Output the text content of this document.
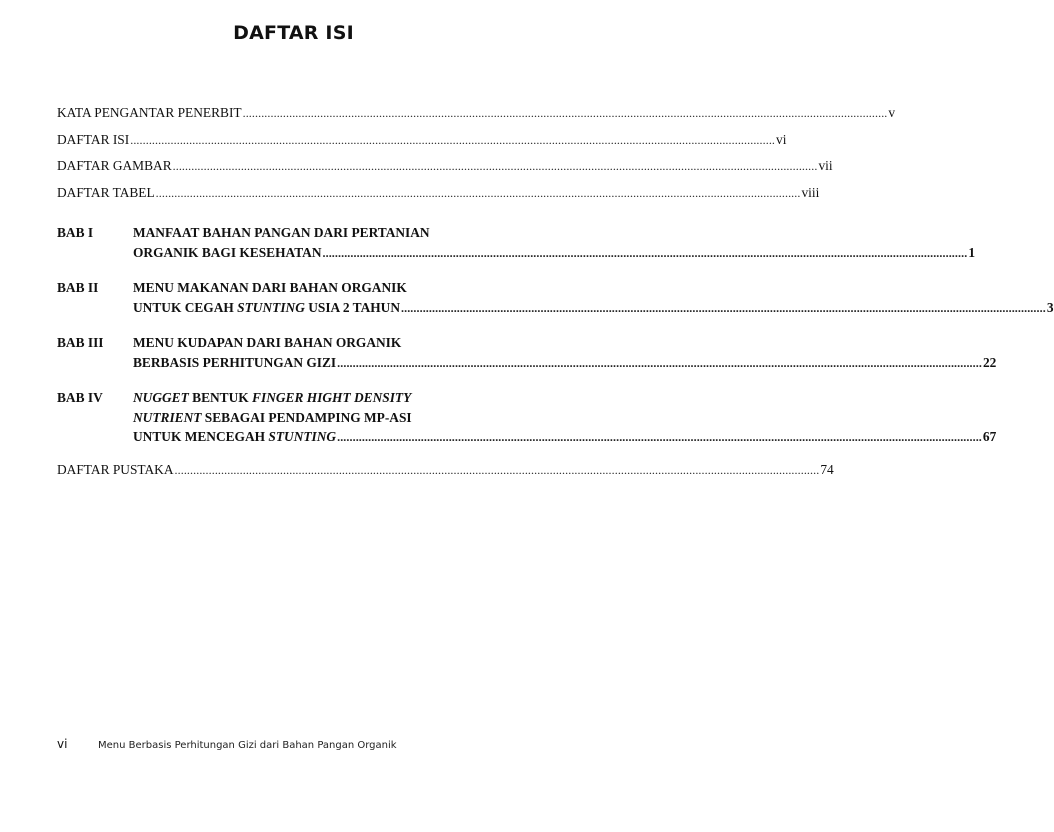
DAFTAR ISI
KATA PENGANTAR PENERBIT .....	v
DAFTAR ISI .....	vi
DAFTAR GAMBAR .....	vii
DAFTAR TABEL .....	viii
BAB I	MANFAAT BAHAN PANGAN DARI PERTANIAN
ORGANIK BAGI KESEHATAN .....	1
BAB II	MENU MAKANAN DARI BAHAN ORGANIK
UNTUK CEGAH STUNTING USIA 2 TAHUN .....	3
BAB III	MENU KUDAPAN DARI BAHAN ORGANIK
BERBASIS PERHITUNGAN GIZI .....	22
BAB IV	NUGGET BENTUK FINGER HIGHT DENSITY
NUTRIENT SEBAGAI PENDAMPING MP-ASI
UNTUK MENCEGAH STUNTING .....	67
DAFTAR PUSTAKA .....	74
vi	Menu Berbasis Perhitungan Gizi dari Bahan Pangan Organik
